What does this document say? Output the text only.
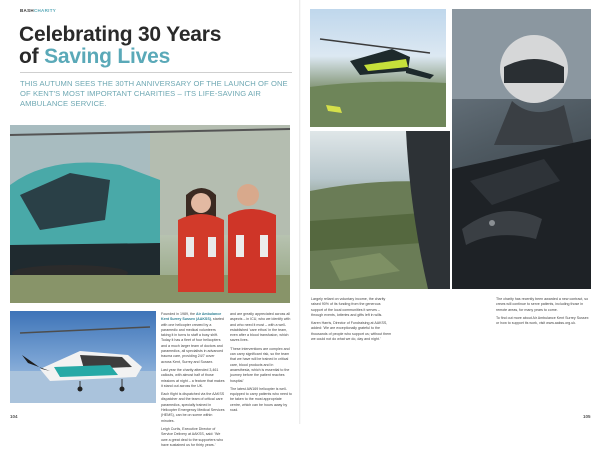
BASHCHARITY
Celebrating 30 Years
of Saving Lives
THIS AUTUMN SEES THE 30TH ANNIVERSARY OF THE LAUNCH OF ONE OF KENT'S MOST IMPORTANT CHARITIES – ITS LIFE-SAVING AIR AMBULANCE SERVICE.

Founded in 1989, the Air Ambulance Kent Surrey Sussex (AAKSS), started with one helicopter crewed by a paramedic and medical volunteers taking it in turns to staff a busy shift. Today it has a fleet of four helicopters and a much larger team of doctors and paramedics, all specialists in advanced trauma care, providing 24/7 cover across Kent, Surrey and Sussex.

Last year the charity attended 3,461 callouts, with almost half of those missions at night – a feature that makes it stand out across the UK.

Each flight is dispatched via the AAKSS dispatcher and the team of critical care paramedics, specially trained in Helicopter Emergency Medical Services (HEMS), can be on scene within minutes.

Leigh Curtis, Executive Director of Service Delivery at AAKSS, said: 'We owe a great deal to the supporters who have sustained us for thirty years.'

and are greatly appreciated across all aspects – in ICU, who we identify with and who need it most – with a well-established 'care ethos' in the team, even after a blood transfusion, which saves lives.

'These interventions are complex and can carry significant risk, so the team that we have will be trained in critical care, blood products and in anaesthesia, which is essential to the journey before the patient reaches hospital.'

The latest AW169 helicopter is well-equipped to carry patients who need to be taken to the most appropriate centre, which can be hours away by road.

Largely reliant on voluntary income, the charity raised 90% of its funding from the generous support of the local communities it serves – through events, lotteries and gifts left in wills.

Karen Harris, Director of Fundraising at AAKSS, added: 'We are exceptionally grateful to the thousands of people who support us; without them we could not do what we do, day and night.'

The charity has recently been awarded a new contract, so crews will continue to serve patients, including those in remote areas, for many years to come.

To find out more about Air Ambulance Kent Surrey Sussex or how to support its work, visit www.aakss.org.uk.

104	105
